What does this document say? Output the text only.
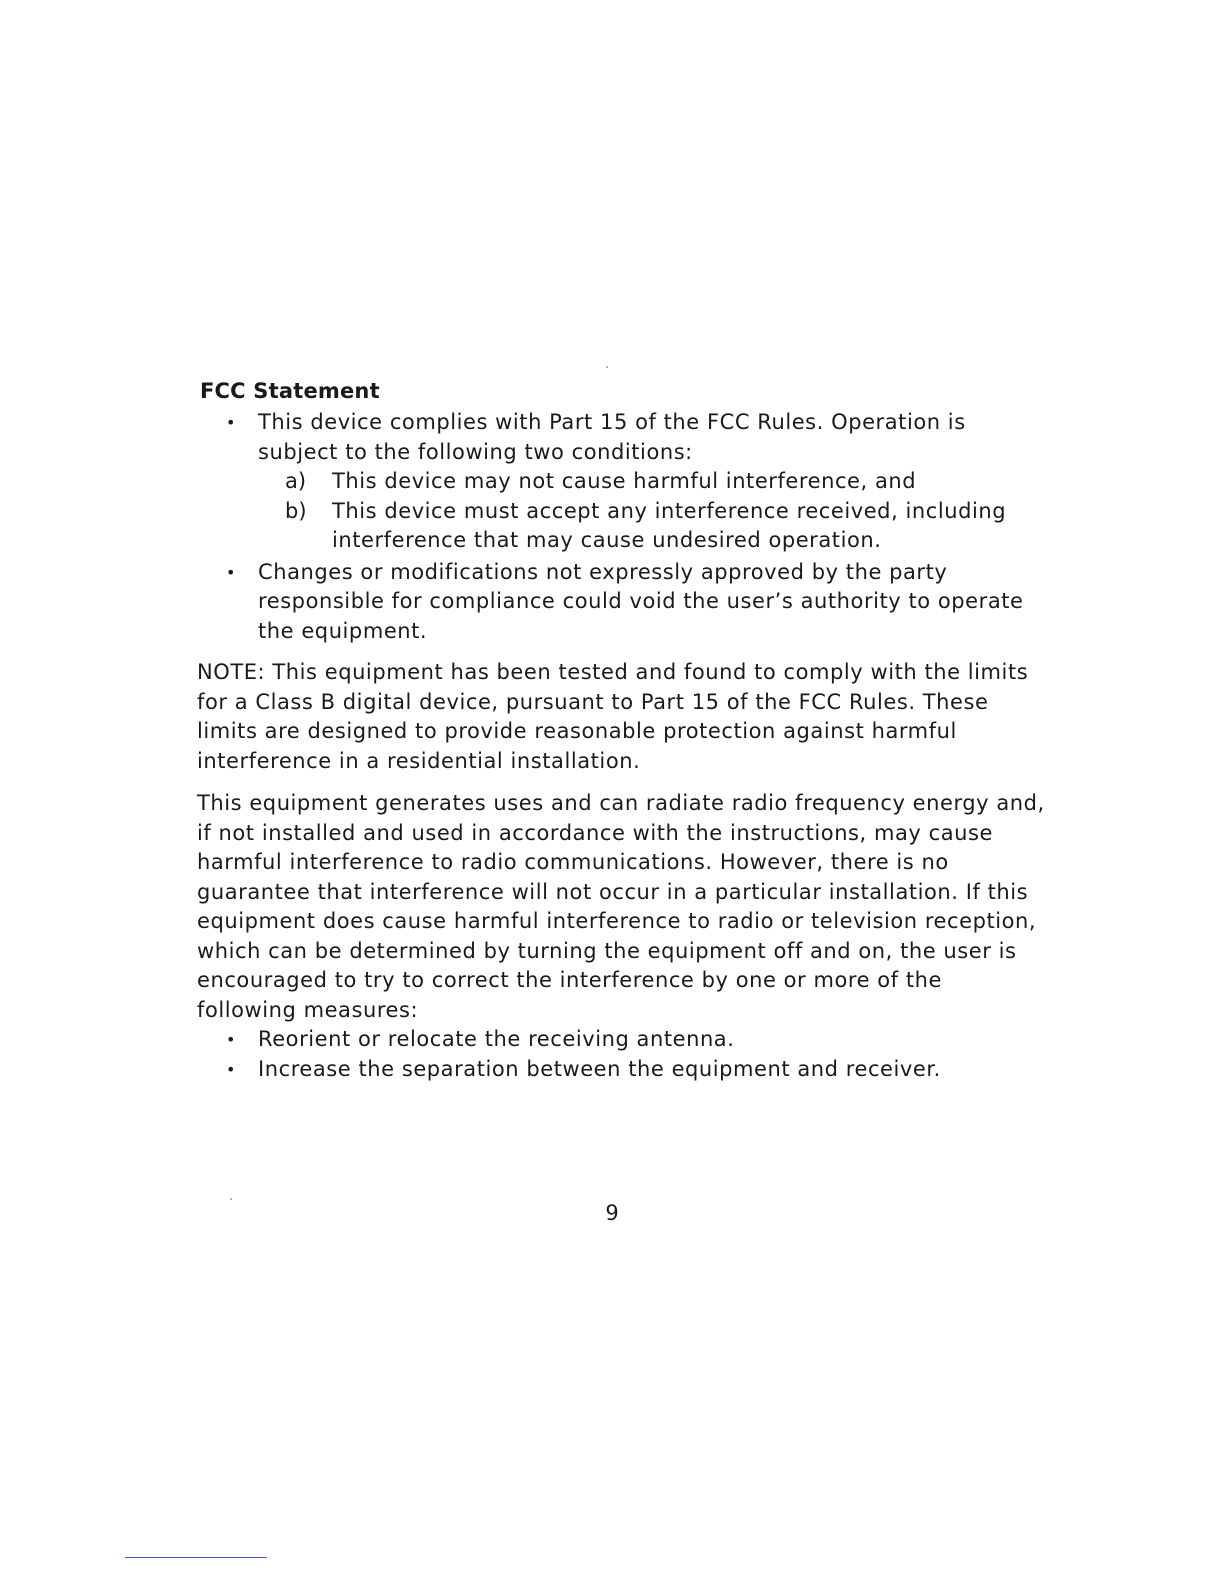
FCC Statement
• This device complies with Part 15 of the FCC Rules. Operation is subject to the following two conditions:
a) This device may not cause harmful interference, and
b) This device must accept any interference received, including interference that may cause undesired operation.
• Changes or modifications not expressly approved by the party responsible for compliance could void the user’s authority to operate the equipment.

NOTE: This equipment has been tested and found to comply with the limits for a Class B digital device, pursuant to Part 15 of the FCC Rules. These limits are designed to provide reasonable protection against harmful interference in a residential installation.

This equipment generates uses and can radiate radio frequency energy and, if not installed and used in accordance with the instructions, may cause harmful interference to radio communications. However, there is no guarantee that interference will not occur in a particular installation. If this equipment does cause harmful interference to radio or television reception, which can be determined by turning the equipment off and on, the user is encouraged to try to correct the interference by one or more of the following measures:

• Reorient or relocate the receiving antenna.
• Increase the separation between the equipment and receiver.
9
